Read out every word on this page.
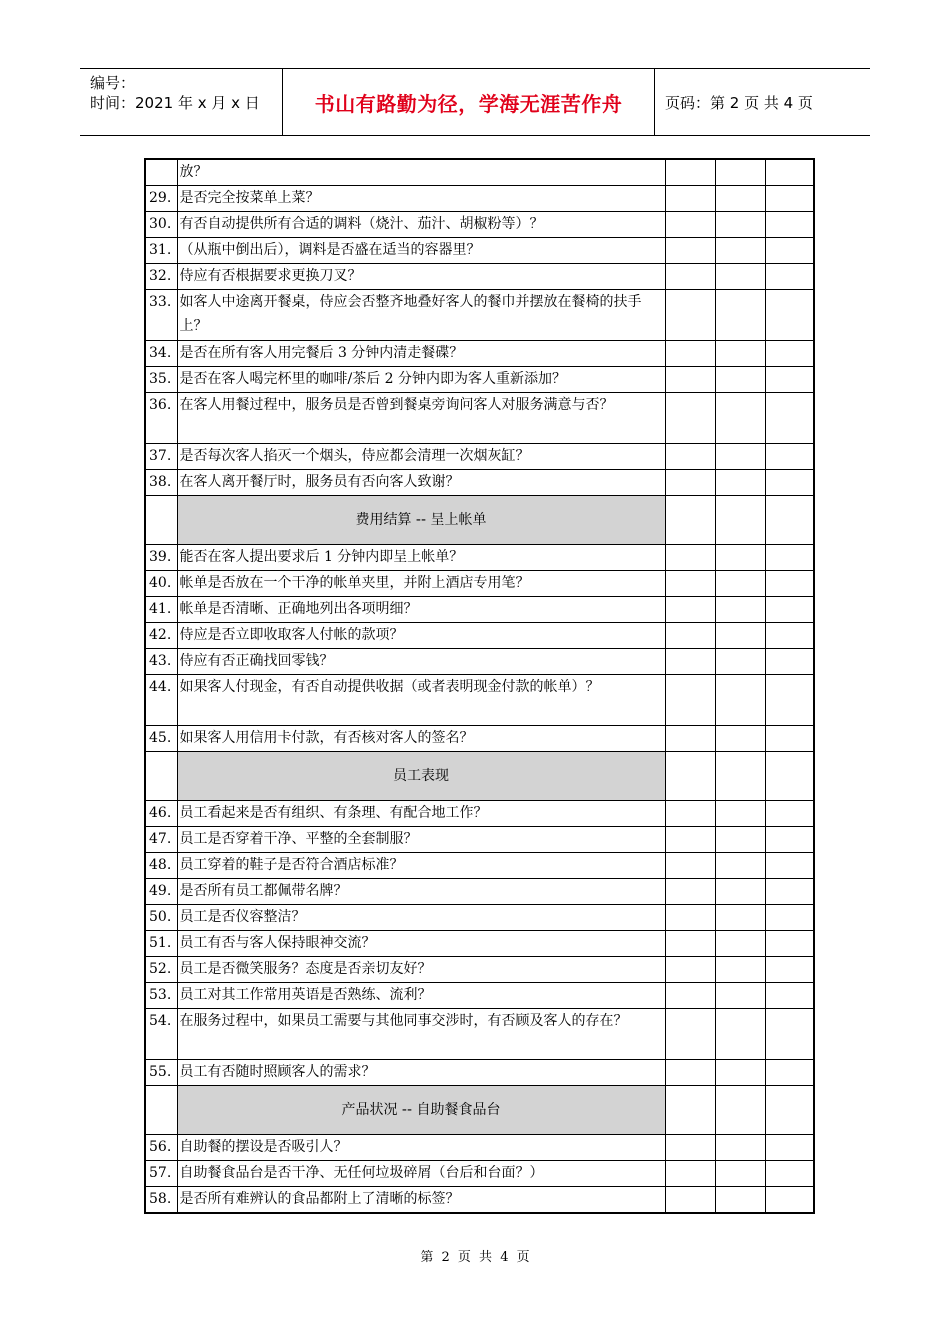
编号：
时间：2021 年 x 月 x 日	书山有路勤为径，学海无涯苦作舟	页码：第 2 页 共 4 页
	放？			
29.	是否完全按菜单上菜？			
30.	有否自动提供所有合适的调料（烧汁、茄汁、胡椒粉等）？			
31.	（从瓶中倒出后），调料是否盛在适当的容器里？			
32.	侍应有否根据要求更换刀叉？			
33.	如客人中途离开餐桌，侍应会否整齐地叠好客人的餐巾并摆放在餐椅的扶手上？			
34.	是否在所有客人用完餐后 3 分钟内清走餐碟？			
35.	是否在客人喝完杯里的咖啡/茶后 2 分钟内即为客人重新添加？			
36.	在客人用餐过程中，服务员是否曾到餐桌旁询问客人对服务满意与否？			
37.	是否每次客人掐灭一个烟头，侍应都会清理一次烟灰缸？			
38.	在客人离开餐厅时，服务员有否向客人致谢？			
	费用结算 -- 呈上帐单			
39.	能否在客人提出要求后 1 分钟内即呈上帐单？			
40.	帐单是否放在一个干净的帐单夹里，并附上酒店专用笔？			
41.	帐单是否清晰、正确地列出各项明细？			
42.	侍应是否立即收取客人付帐的款项？			
43.	侍应有否正确找回零钱？			
44.	如果客人付现金，有否自动提供收据（或者表明现金付款的帐单）？			
45.	如果客人用信用卡付款，有否核对客人的签名？			
	员工表现			
46.	员工看起来是否有组织、有条理、有配合地工作？			
47.	员工是否穿着干净、平整的全套制服？			
48.	员工穿着的鞋子是否符合酒店标准？			
49.	是否所有员工都佩带名牌？			
50.	员工是否仪容整洁？			
51.	员工有否与客人保持眼神交流？			
52.	员工是否微笑服务？态度是否亲切友好？			
53.	员工对其工作常用英语是否熟练、流利？			
54.	在服务过程中，如果员工需要与其他同事交涉时，有否顾及客人的存在？			
55.	员工有否随时照顾客人的需求？			
	产品状况 -- 自助餐食品台			
56.	自助餐的摆设是否吸引人？			
57.	自助餐食品台是否干净、无任何垃圾碎屑（台后和台面？）			
58.	是否所有难辨认的食品都附上了清晰的标签？			
第 2 页 共 4 页
